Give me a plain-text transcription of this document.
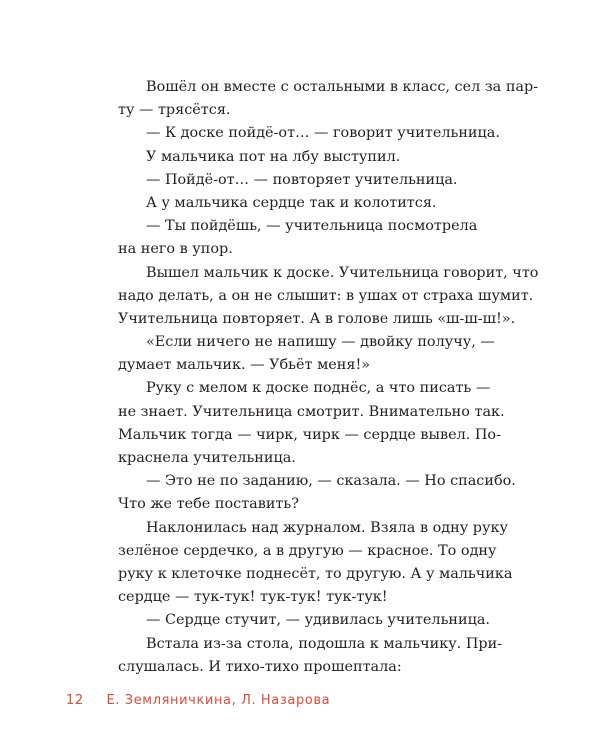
Вошёл он вместе с остальными в класс, сел за пар-
ту — трясётся.
— К доске пойдё-от… — говорит учительница.
У мальчика пот на лбу выступил.
— Пойдё-от… — повторяет учительница.
А у мальчика сердце так и колотится.
— Ты пойдёшь, — учительница посмотрела
на него в упор.
Вышел мальчик к доске. Учительница говорит, что
надо делать, а он не слышит: в ушах от страха шумит.
Учительница повторяет. А в голове лишь «ш-ш-ш!».
«Если ничего не напишу — двойку получу, —
думает мальчик. — Убьёт меня!»
Руку с мелом к доске поднёс, а что писать —
не знает. Учительница смотрит. Внимательно так.
Мальчик тогда — чирк, чирк — сердце вывел. По-
краснела учительница.
— Это не по заданию, — сказала. — Но спасибо.
Что же тебе поставить?
Наклонилась над журналом. Взяла в одну руку
зелёное сердечко, а в другую — красное. То одну
руку к клеточке поднесёт, то другую. А у мальчика
сердце — тук-тук! тук-тук! тук-тук!
— Сердце стучит, — удивилась учительница.
Встала из-за стола, подошла к мальчику. При-
слушалась. И тихо-тихо прошептала:
12 Е. Земляничкина, Л. Назарова
